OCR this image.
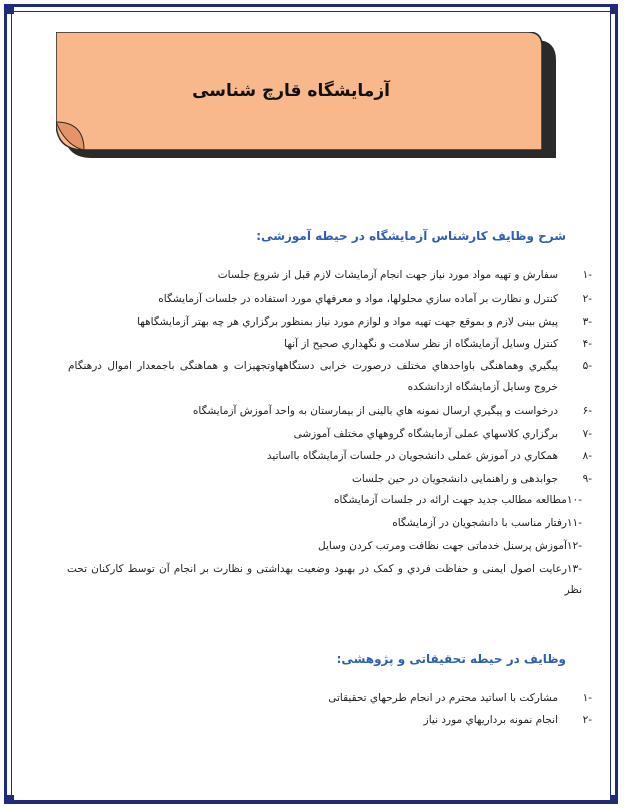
آزمایشگاه قارچ شناسی
شرح وظایف کارشناس آزمایشگاه در حیطه آموزشی:
-۱
سفارش و تهیه مواد مورد نیاز جهت انجام آزمایشات لازم قبل از شروع جلسات
-۲
کنترل و نظارت بر آماده سازي محلولها، مواد و معرفهاي مورد استفاده در جلسات آزمایشگاه
-۳
پیش بینی لازم و بموقع جهت تهیه مواد و لوازم مورد نیاز بمنظور برگزاري هر چه بهتر آزمایشگاهها
-۴
کنترل وسایل آزمایشگاه از نظر سلامت و نگهداري صحیح از آنها
-۵
پیگیري وهماهنگی باواحدهاي مختلف درصورت خرابی دستگاههاوتجهیزات و هماهنگی باجمعدار اموال درهنگام خروج وسایل آزمایشگاه ازدانشکده
-۶
درخواست و پیگیري ارسال نمونه هاي بالینی از بیمارستان به واحد آموزش آزمایشگاه
-۷
برگزاري کلاسهاي عملی آزمایشگاه گروههاي مختلف آموزشی
-۸
همکاري در آموزش عملی دانشجویان در جلسات آزمایشگاه بااساتید
-۹
جوابدهی و راهنمایی دانشجویان در حین جلسات
-۱۰مطالعه مطالب جدید جهت ارائه در جلسات آزمایشگاه
-۱۱رفتار مناسب با دانشجویان در آزمایشگاه
-۱۲آموزش پرسنل خدماتی جهت نظافت ومرتب کردن وسایل
-۱۳رعایت اصول ایمنی و حفاظت فردي و کمک در بهبود وضعیت بهداشتی و نظارت بر انجام آن توسط کارکنان تحت نظر
وظایف در حیطه تحقیقاتی و پژوهشی:
-۱
مشارکت با اساتید محترم در انجام طرحهاي تحقیقاتی
-۲
انجام نمونه برداریهاي مورد نیاز
